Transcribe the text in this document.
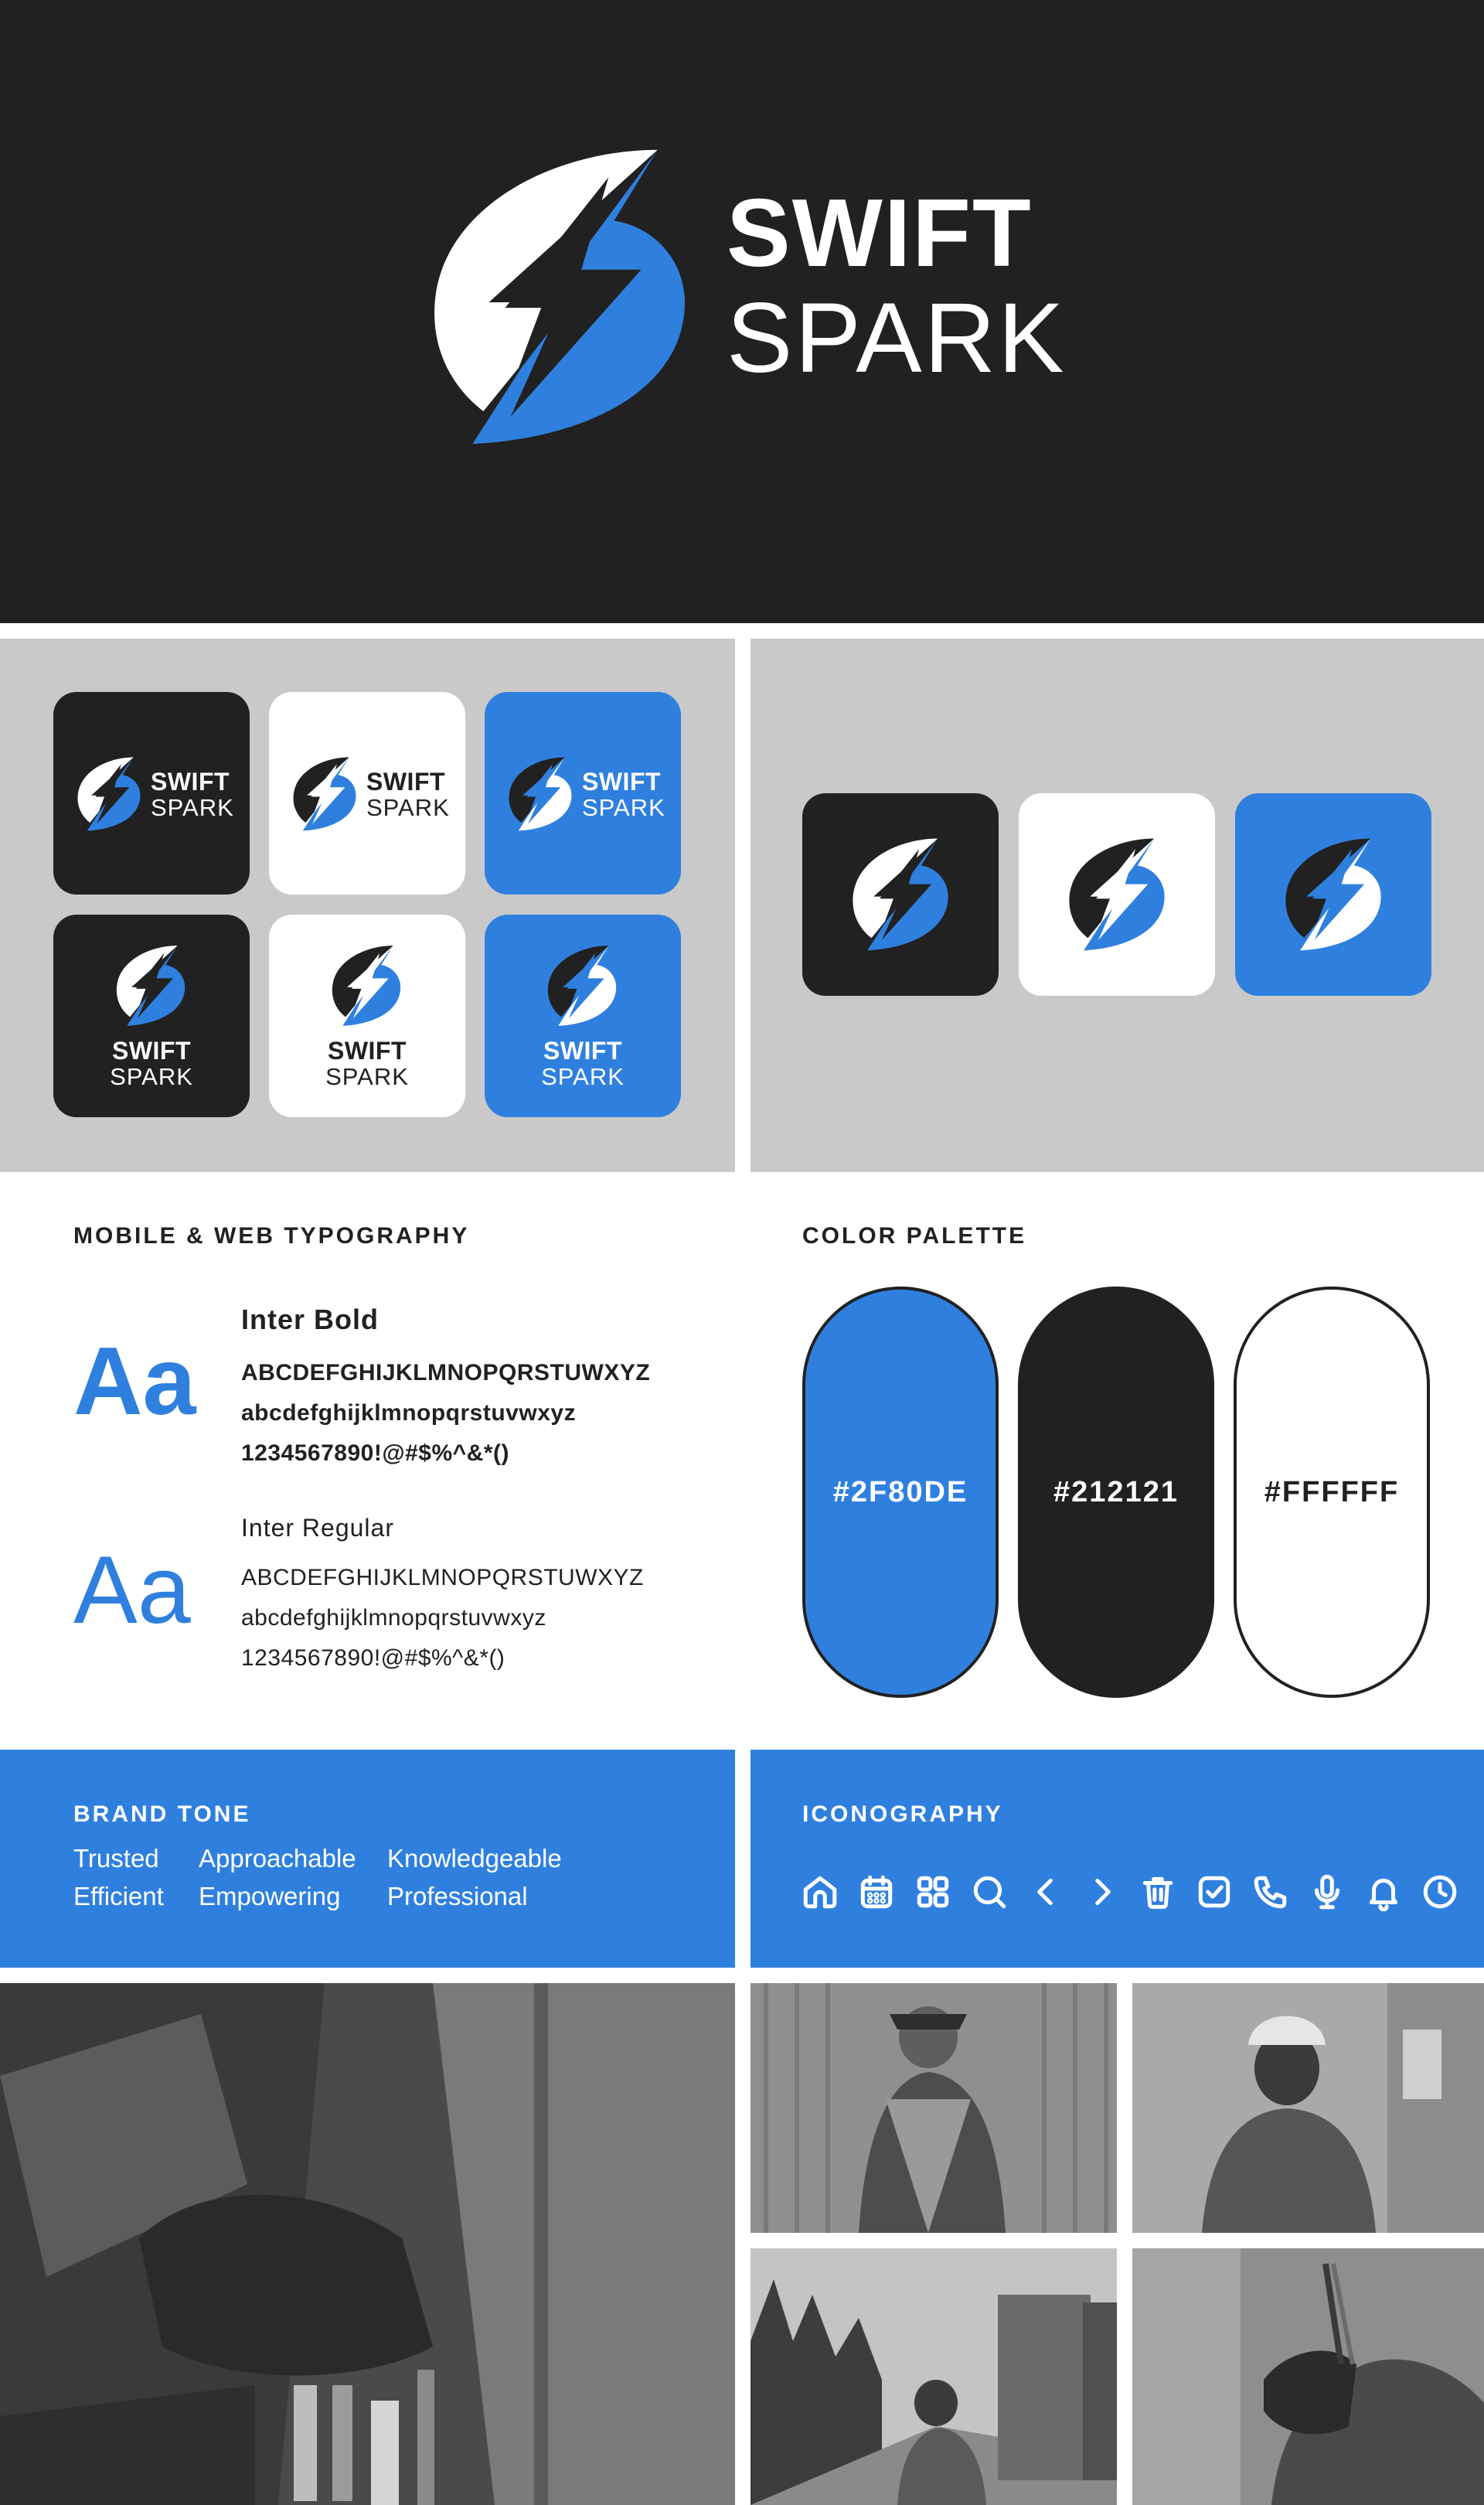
SWIFT
SPARK
SWIFT
SPARK
SWIFT
SPARK
SWIFT
SPARK
SWIFT
SPARK
SWIFT
SPARK
SWIFT
SPARK
MOBILE & WEB TYPOGRAPHY
Aa
Inter Bold
ABCDEFGHIJKLMNOPQRSTUWXYZ
abcdefghijklmnopqrstuvwxyz
1234567890!@#$%^&*()
Aa
Inter Regular
ABCDEFGHIJKLMNOPQRSTUWXYZ
abcdefghijklmnopqrstuvwxyz
1234567890!@#$%^&*()
COLOR PALETTE
#2F80DE	#212121	#FFFFFF
BRAND TONE
Trusted Approachable Knowledgeable
Efficient Empowering Professional
ICONOGRAPHY
